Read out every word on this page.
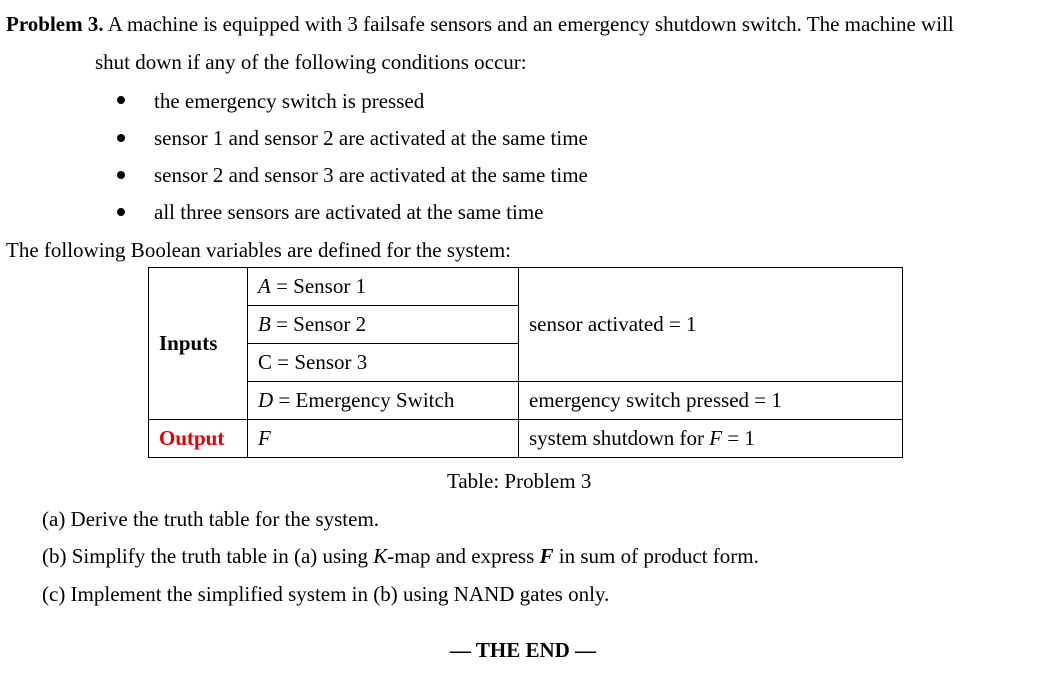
Problem 3. A machine is equipped with 3 failsafe sensors and an emergency shutdown switch. The machine will
shut down if any of the following conditions occur:
the emergency switch is pressed
sensor 1 and sensor 2 are activated at the same time
sensor 2 and sensor 3 are activated at the same time
all three sensors are activated at the same time
The following Boolean variables are defined for the system:
Inputs	A = Sensor 1	sensor activated = 1
	B = Sensor 2	
	C = Sensor 3	
	D = Emergency Switch	emergency switch pressed = 1
Output	F	system shutdown for F = 1
Table: Problem 3
(a) Derive the truth table for the system.
(b) Simplify the truth table in (a) using K-map and express F in sum of product form.
(c) Implement the simplified system in (b) using NAND gates only.
— THE END —
